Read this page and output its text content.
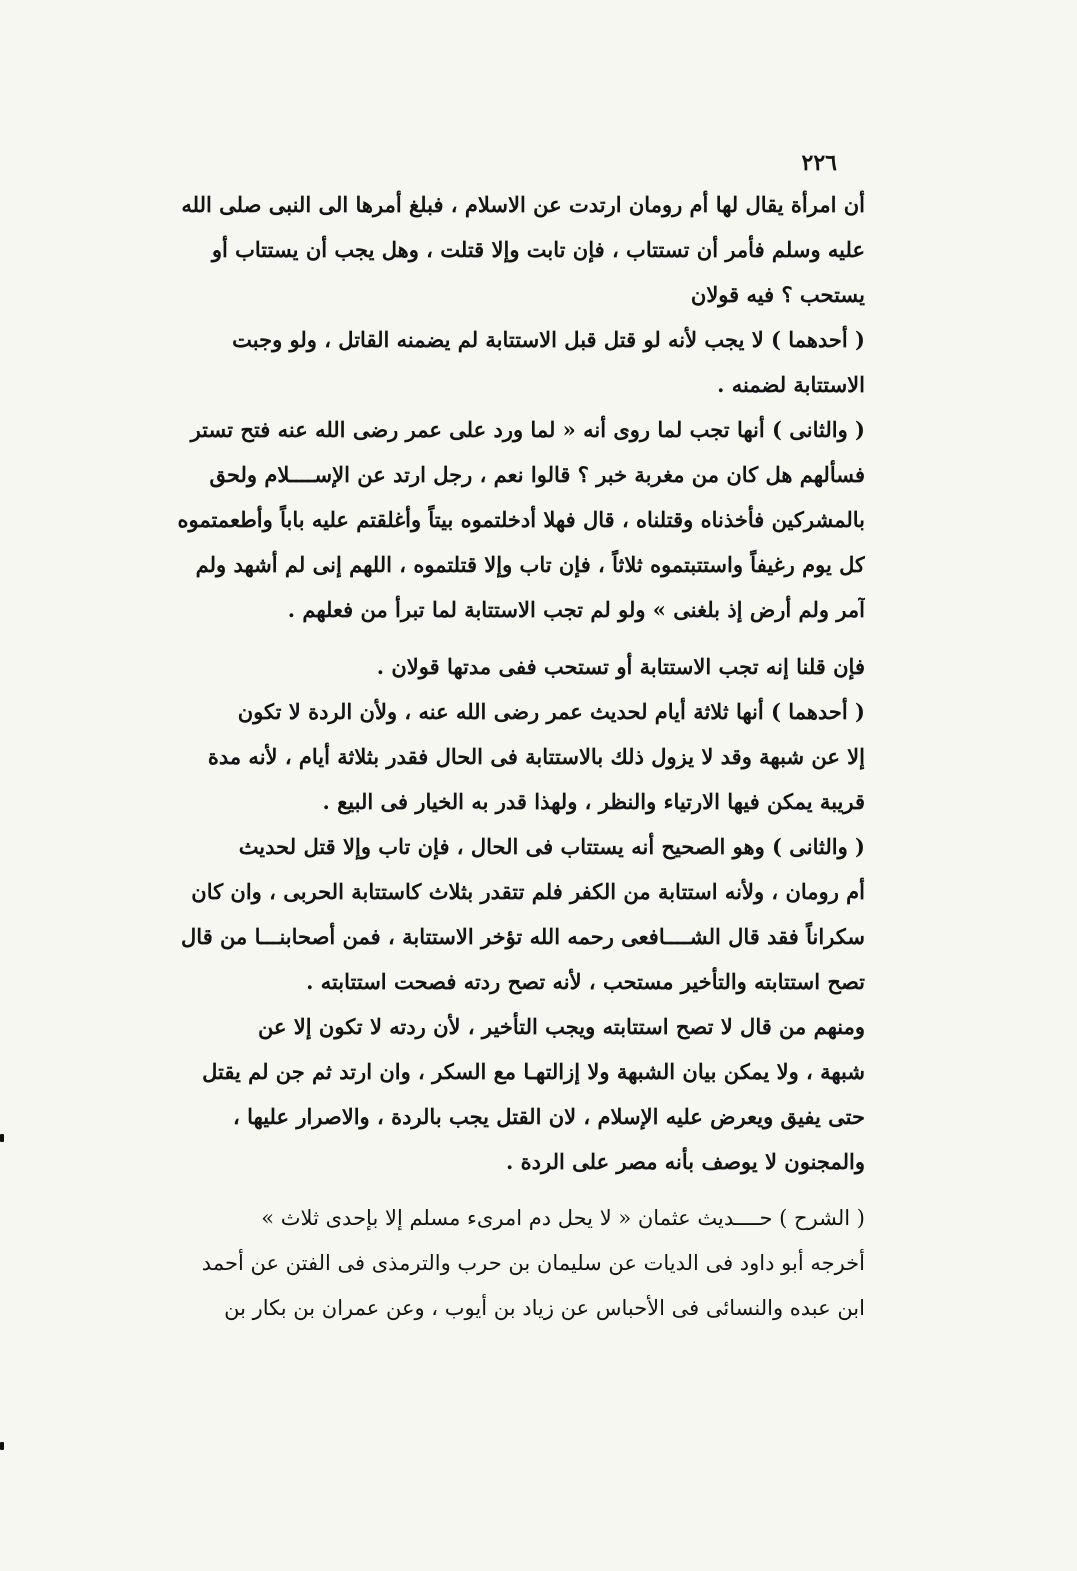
٢٢٦
أن امرأة يقال لها أم رومان ارتدت عن الاسلام ، فبلغ أمرها الى النبى صلى الله
عليه وسلم فأمر أن تستتاب ، فإن تابت وإلا قتلت ، وهل يجب أن يستتاب أو
يستحب ؟ فيه قولان
( أحدهما ) لا يجب لأنه لو قتل قبل الاستتابة لم يضمنه القاتل ، ولو وجبت
الاستتابة لضمنه .
( والثانى ) أنها تجب لما روى أنه « لما ورد على عمر رضى الله عنه فتح تستر
فسألهم هل كان من مغربة خبر ؟ قالوا نعم ، رجل ارتد عن الإســــلام ولحق
بالمشركين فأخذناه وقتلناه ، قال فهلا أدخلتموه بيتاً وأغلقتم عليه باباً وأطعمتموه
كل يوم رغيفاً واستتبتموه ثلاثاً ، فإن تاب وإلا قتلتموه ، اللهم إنى لم أشهد ولم
آمر ولم أرض إذ بلغنى » ولو لم تجب الاستتابة لما تبرأ من فعلهم .
فإن قلنا إنه تجب الاستتابة أو تستحب ففى مدتها قولان .
( أحدهما ) أنها ثلاثة أيام لحديث عمر رضى الله عنه ، ولأن الردة لا تكون
إلا عن شبهة وقد لا يزول ذلك بالاستتابة فى الحال فقدر بثلاثة أيام ، لأنه مدة
قريبة يمكن فيها الارتياء والنظر ، ولهذا قدر به الخيار فى البيع .
( والثانى ) وهو الصحيح أنه يستتاب فى الحال ، فإن تاب وإلا قتل لحديث
أم رومان ، ولأنه استتابة من الكفر فلم تتقدر بثلاث كاستتابة الحربى ، وان كان
سكراناً فقد قال الشــــافعى رحمه الله تؤخر الاستتابة ، فمن أصحابنـــا من قال
تصح استتابته والتأخير مستحب ، لأنه تصح ردته فصحت استتابته .
ومنهم من قال لا تصح استتابته ويجب التأخير ، لأن ردته لا تكون إلا عن
شبهة ، ولا يمكن بيان الشبهة ولا إزالتهـا مع السكر ، وان ارتد ثم جن لم يقتل
حتى يفيق ويعرض عليه الإسلام ، لان القتل يجب بالردة ، والاصرار عليها ،
والمجنون لا يوصف بأنه مصر على الردة .
( الشرح ) حــــديث عثمان « لا يحل دم امرىء مسلم إلا بإحدى ثلاث »
أخرجه أبو داود فى الديات عن سليمان بن حرب والترمذى فى الفتن عن أحمد
ابن عبده والنسائى فى الأحباس عن زياد بن أيوب ، وعن عمران بن بكار بن
